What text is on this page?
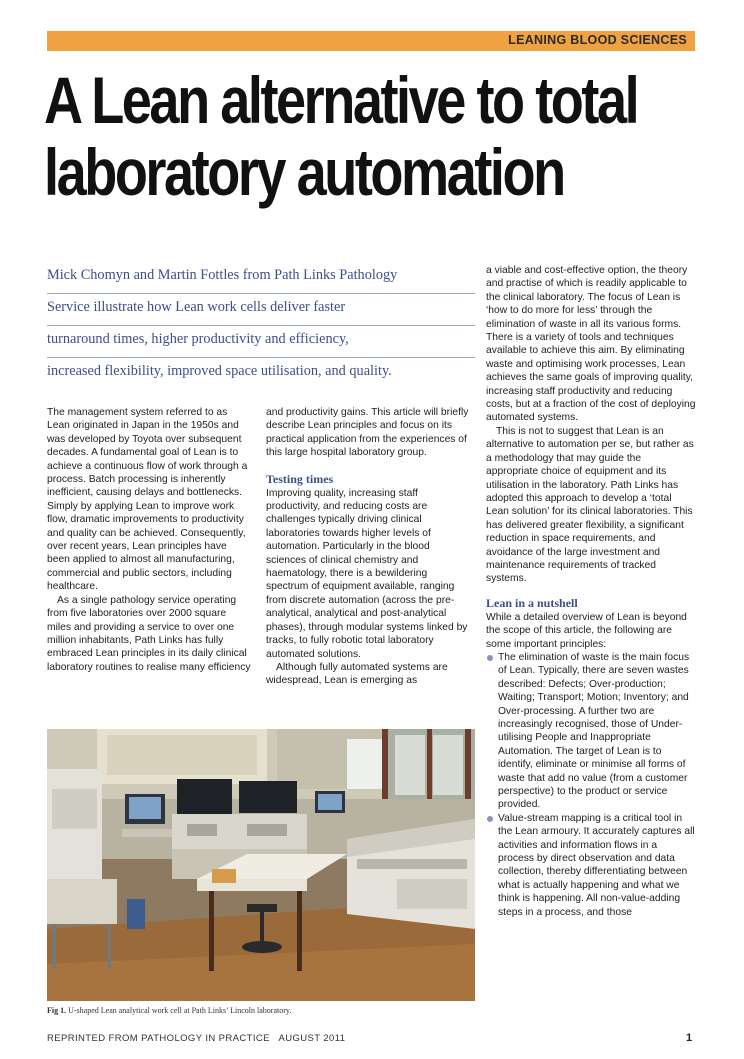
LEANING BLOOD SCIENCES
A Lean alternative to total
laboratory automation
Mick Chomyn and Martin Fottles from Path Links Pathology
Service illustrate how Lean work cells deliver faster
turnaround times, higher productivity and efficiency,
increased flexibility, improved space utilisation, and quality.

The management system referred to as Lean originated in Japan in the 1950s and was developed by Toyota over subsequent decades. A fundamental goal of Lean is to achieve a continuous flow of work through a process. Batch processing is inherently inefficient, causing delays and bottlenecks. Simply by applying Lean to improve work flow, dramatic improvements to productivity and quality can be achieved. Consequently, over recent years, Lean principles have been applied to almost all manufacturing, commercial and public sectors, including healthcare.

As a single pathology service operating from five laboratories over 2000 square miles and providing a service to over one million inhabitants, Path Links has fully embraced Lean principles in its daily clinical laboratory routines to realise many efficiency

and productivity gains. This article will briefly describe Lean principles and focus on its practical application from the experiences of this large hospital laboratory group.

Testing times

Improving quality, increasing staff productivity, and reducing costs are challenges typically driving clinical laboratories towards higher levels of automation. Particularly in the blood sciences of clinical chemistry and haematology, there is a bewildering spectrum of equipment available, ranging from discrete automation (across the pre-analytical, analytical and post-analytical phases), through modular systems linked by tracks, to fully robotic total laboratory automated solutions.

Although fully automated systems are widespread, Lean is emerging as

a viable and cost-effective option, the theory and practise of which is readily applicable to the clinical laboratory. The focus of Lean is ‘how to do more for less’ through the elimination of waste in all its various forms. There is a variety of tools and techniques available to achieve this aim. By eliminating waste and optimising work processes, Lean achieves the same goals of improving quality, increasing staff productivity and reducing costs, but at a fraction of the cost of deploying automated systems.

This is not to suggest that Lean is an alternative to automation per se, but rather as a methodology that may guide the appropriate choice of equipment and its utilisation in the laboratory. Path Links has adopted this approach to develop a ‘total Lean solution’ for its clinical laboratories. This has delivered greater flexibility, a significant reduction in space requirements, and avoidance of the large investment and maintenance requirements of tracked systems.

Lean in a nutshell

While a detailed overview of Lean is beyond the scope of this article, the following are some important principles:

The elimination of waste is the main focus of Lean. Typically, there are seven wastes described: Defects; Over-production; Waiting; Transport; Motion; Inventory; and Over-processing. A further two are increasingly recognised, those of Under-utilising People and Inappropriate Automation. The target of Lean is to identify, eliminate or minimise all forms of waste that add no value (from a customer perspective) to the product or service provided.
Value-stream mapping is a critical tool in the Lean armoury. It accurately captures all activities and information flows in a process by direct observation and data collection, thereby differentiating between what is actually happening and what we think is happening. All non-value-adding steps in a process, and those
Fig 1. U-shaped Lean analytical work cell at Path Links’ Lincoln laboratory.
REPRINTED FROM PATHOLOGY IN PRACTICE   AUGUST 2011	1
